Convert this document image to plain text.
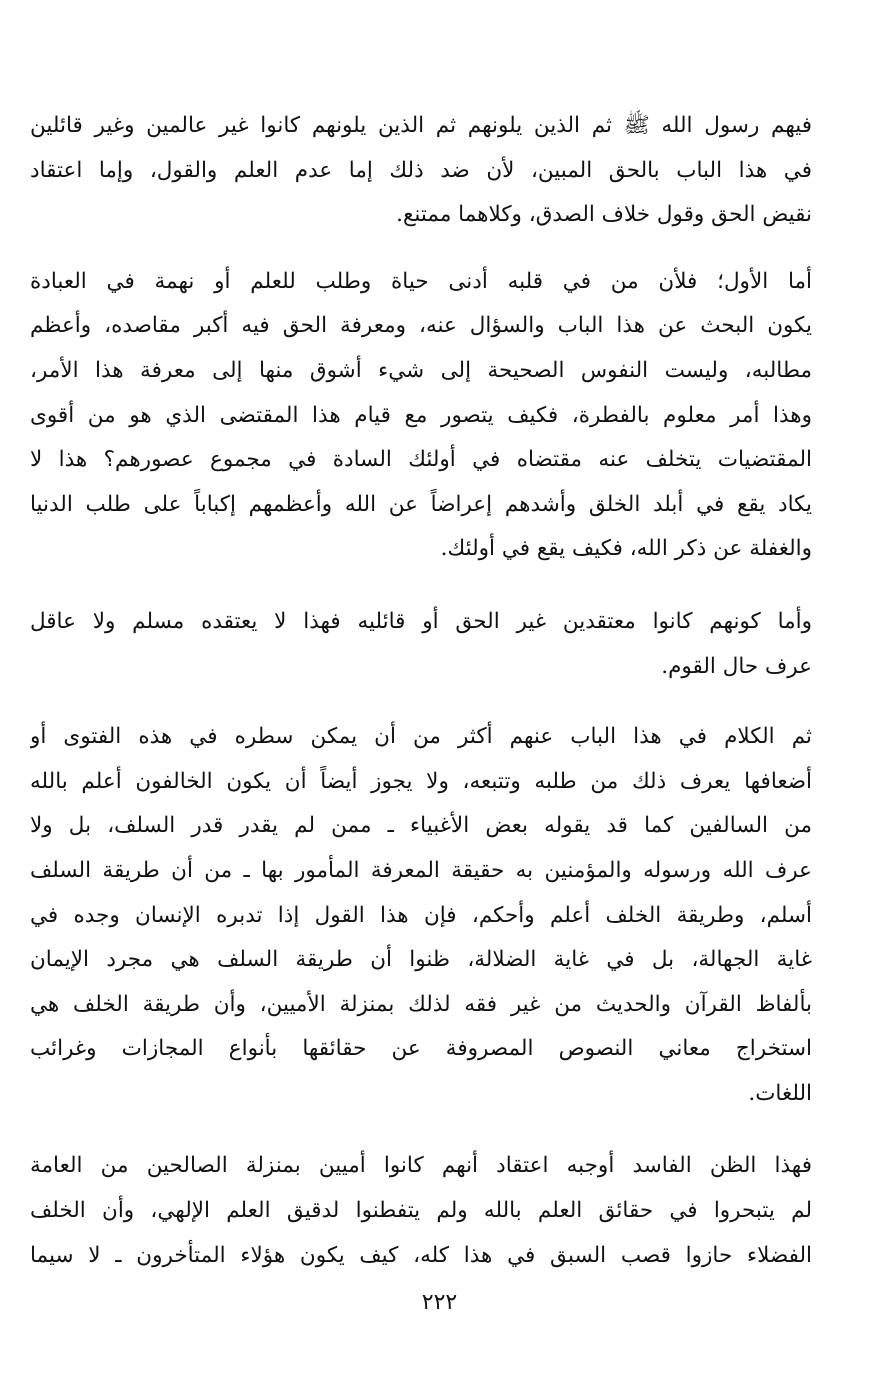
فيهم رسول الله ﷺ ثم الذين يلونهم ثم الذين يلونهم كانوا غير عالمين وغير قائلين
في هذا الباب بالحق المبين، لأن ضد ذلك إما عدم العلم والقول، وإما اعتقاد
نقيض الحق وقول خلاف الصدق، وكلاهما ممتنع.
أما الأول؛ فلأن من في قلبه أدنى حياة وطلب للعلم أو نهمة في العبادة
يكون البحث عن هذا الباب والسؤال عنه، ومعرفة الحق فيه أكبر مقاصده، وأعظم
مطالبه، وليست النفوس الصحيحة إلى شيء أشوق منها إلى معرفة هذا الأمر،
وهذا أمر معلوم بالفطرة، فكيف يتصور مع قيام هذا المقتضى الذي هو من أقوى
المقتضيات يتخلف عنه مقتضاه في أولئك السادة في مجموع عصورهم؟ هذا لا
يكاد يقع في أبلد الخلق وأشدهم إعراضاً عن الله وأعظمهم إكباباً على طلب الدنيا
والغفلة عن ذكر الله، فكيف يقع في أولئك.
وأما كونهم كانوا معتقدين غير الحق أو قائليه فهذا لا يعتقده مسلم ولا عاقل
عرف حال القوم.
ثم الكلام في هذا الباب عنهم أكثر من أن يمكن سطره في هذه الفتوى أو
أضعافها يعرف ذلك من طلبه وتتبعه، ولا يجوز أيضاً أن يكون الخالفون أعلم بالله
من السالفين كما قد يقوله بعض الأغبياء ـ ممن لم يقدر قدر السلف، بل ولا
عرف الله ورسوله والمؤمنين به حقيقة المعرفة المأمور بها ـ من أن طريقة السلف
أسلم، وطريقة الخلف أعلم وأحكم، فإن هذا القول إذا تدبره الإنسان وجده في
غاية الجهالة، بل في غاية الضلالة، ظنوا أن طريقة السلف هي مجرد الإيمان
بألفاظ القرآن والحديث من غير فقه لذلك بمنزلة الأميين، وأن طريقة الخلف هي
استخراج معاني النصوص المصروفة عن حقائقها بأنواع المجازات وغرائب
اللغات.
فهذا الظن الفاسد أوجبه اعتقاد أنهم كانوا أميين بمنزلة الصالحين من العامة
لم يتبحروا في حقائق العلم بالله ولم يتفطنوا لدقيق العلم الإلهي، وأن الخلف
الفضلاء حازوا قصب السبق في هذا كله، كيف يكون هؤلاء المتأخرون ـ لا سيما
٢٢٢
